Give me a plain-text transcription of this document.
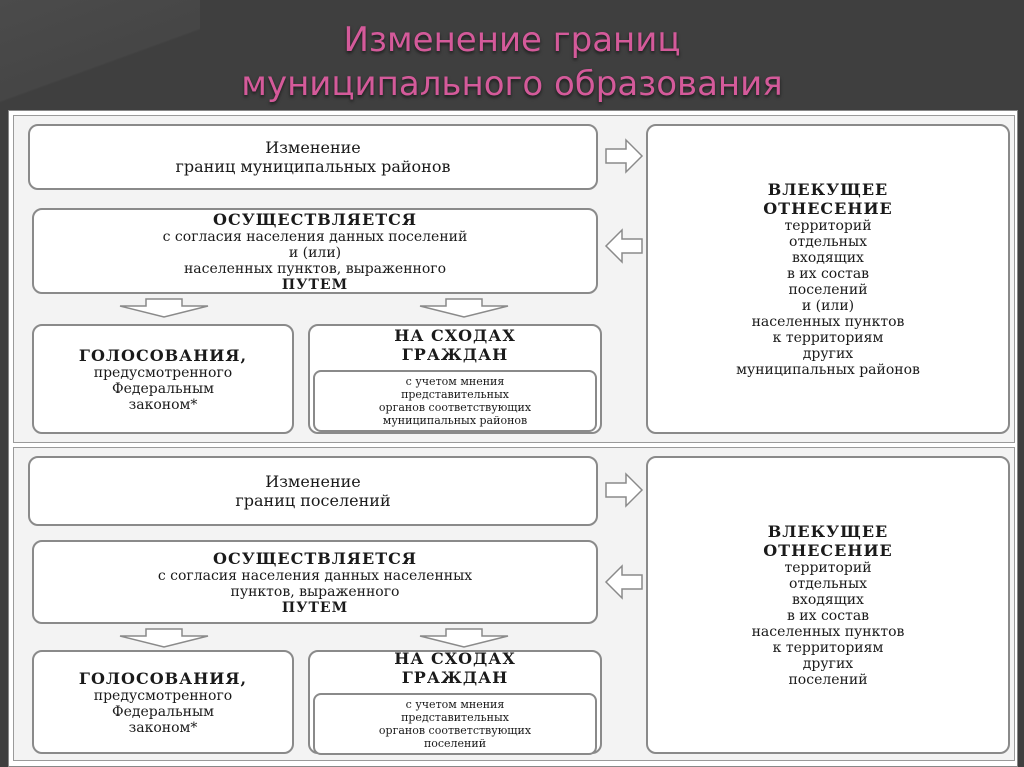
Изменение границ
муниципального образования
Изменение
границ муниципальных районов
ОСУЩЕСТВЛЯЕТСЯ
с согласия населения данных поселений
и (или)
населенных пунктов, выраженного
ПУТЕМ
ГОЛОСОВАНИЯ,
предусмотренного
Федеральным
законом*
НА СХОДАХ
ГРАЖДАН
с учетом мнения
представительных
органов соответствующих
муниципальных районов
ВЛЕКУЩЕЕ
ОТНЕСЕНИЕ
территорий
отдельных
входящих
в их состав
поселений
и (или)
населенных пунктов
к территориям
других
муниципальных районов
Изменение
границ поселений
ОСУЩЕСТВЛЯЕТСЯ
с согласия населения данных населенных
пунктов, выраженного
ПУТЕМ
ГОЛОСОВАНИЯ,
предусмотренного
Федеральным
законом*
НА СХОДАХ
ГРАЖДАН
с учетом мнения
представительных
органов соответствующих
поселений
ВЛЕКУЩЕЕ
ОТНЕСЕНИЕ
территорий
отдельных
входящих
в их состав
населенных пунктов
к территориям
других
поселений
